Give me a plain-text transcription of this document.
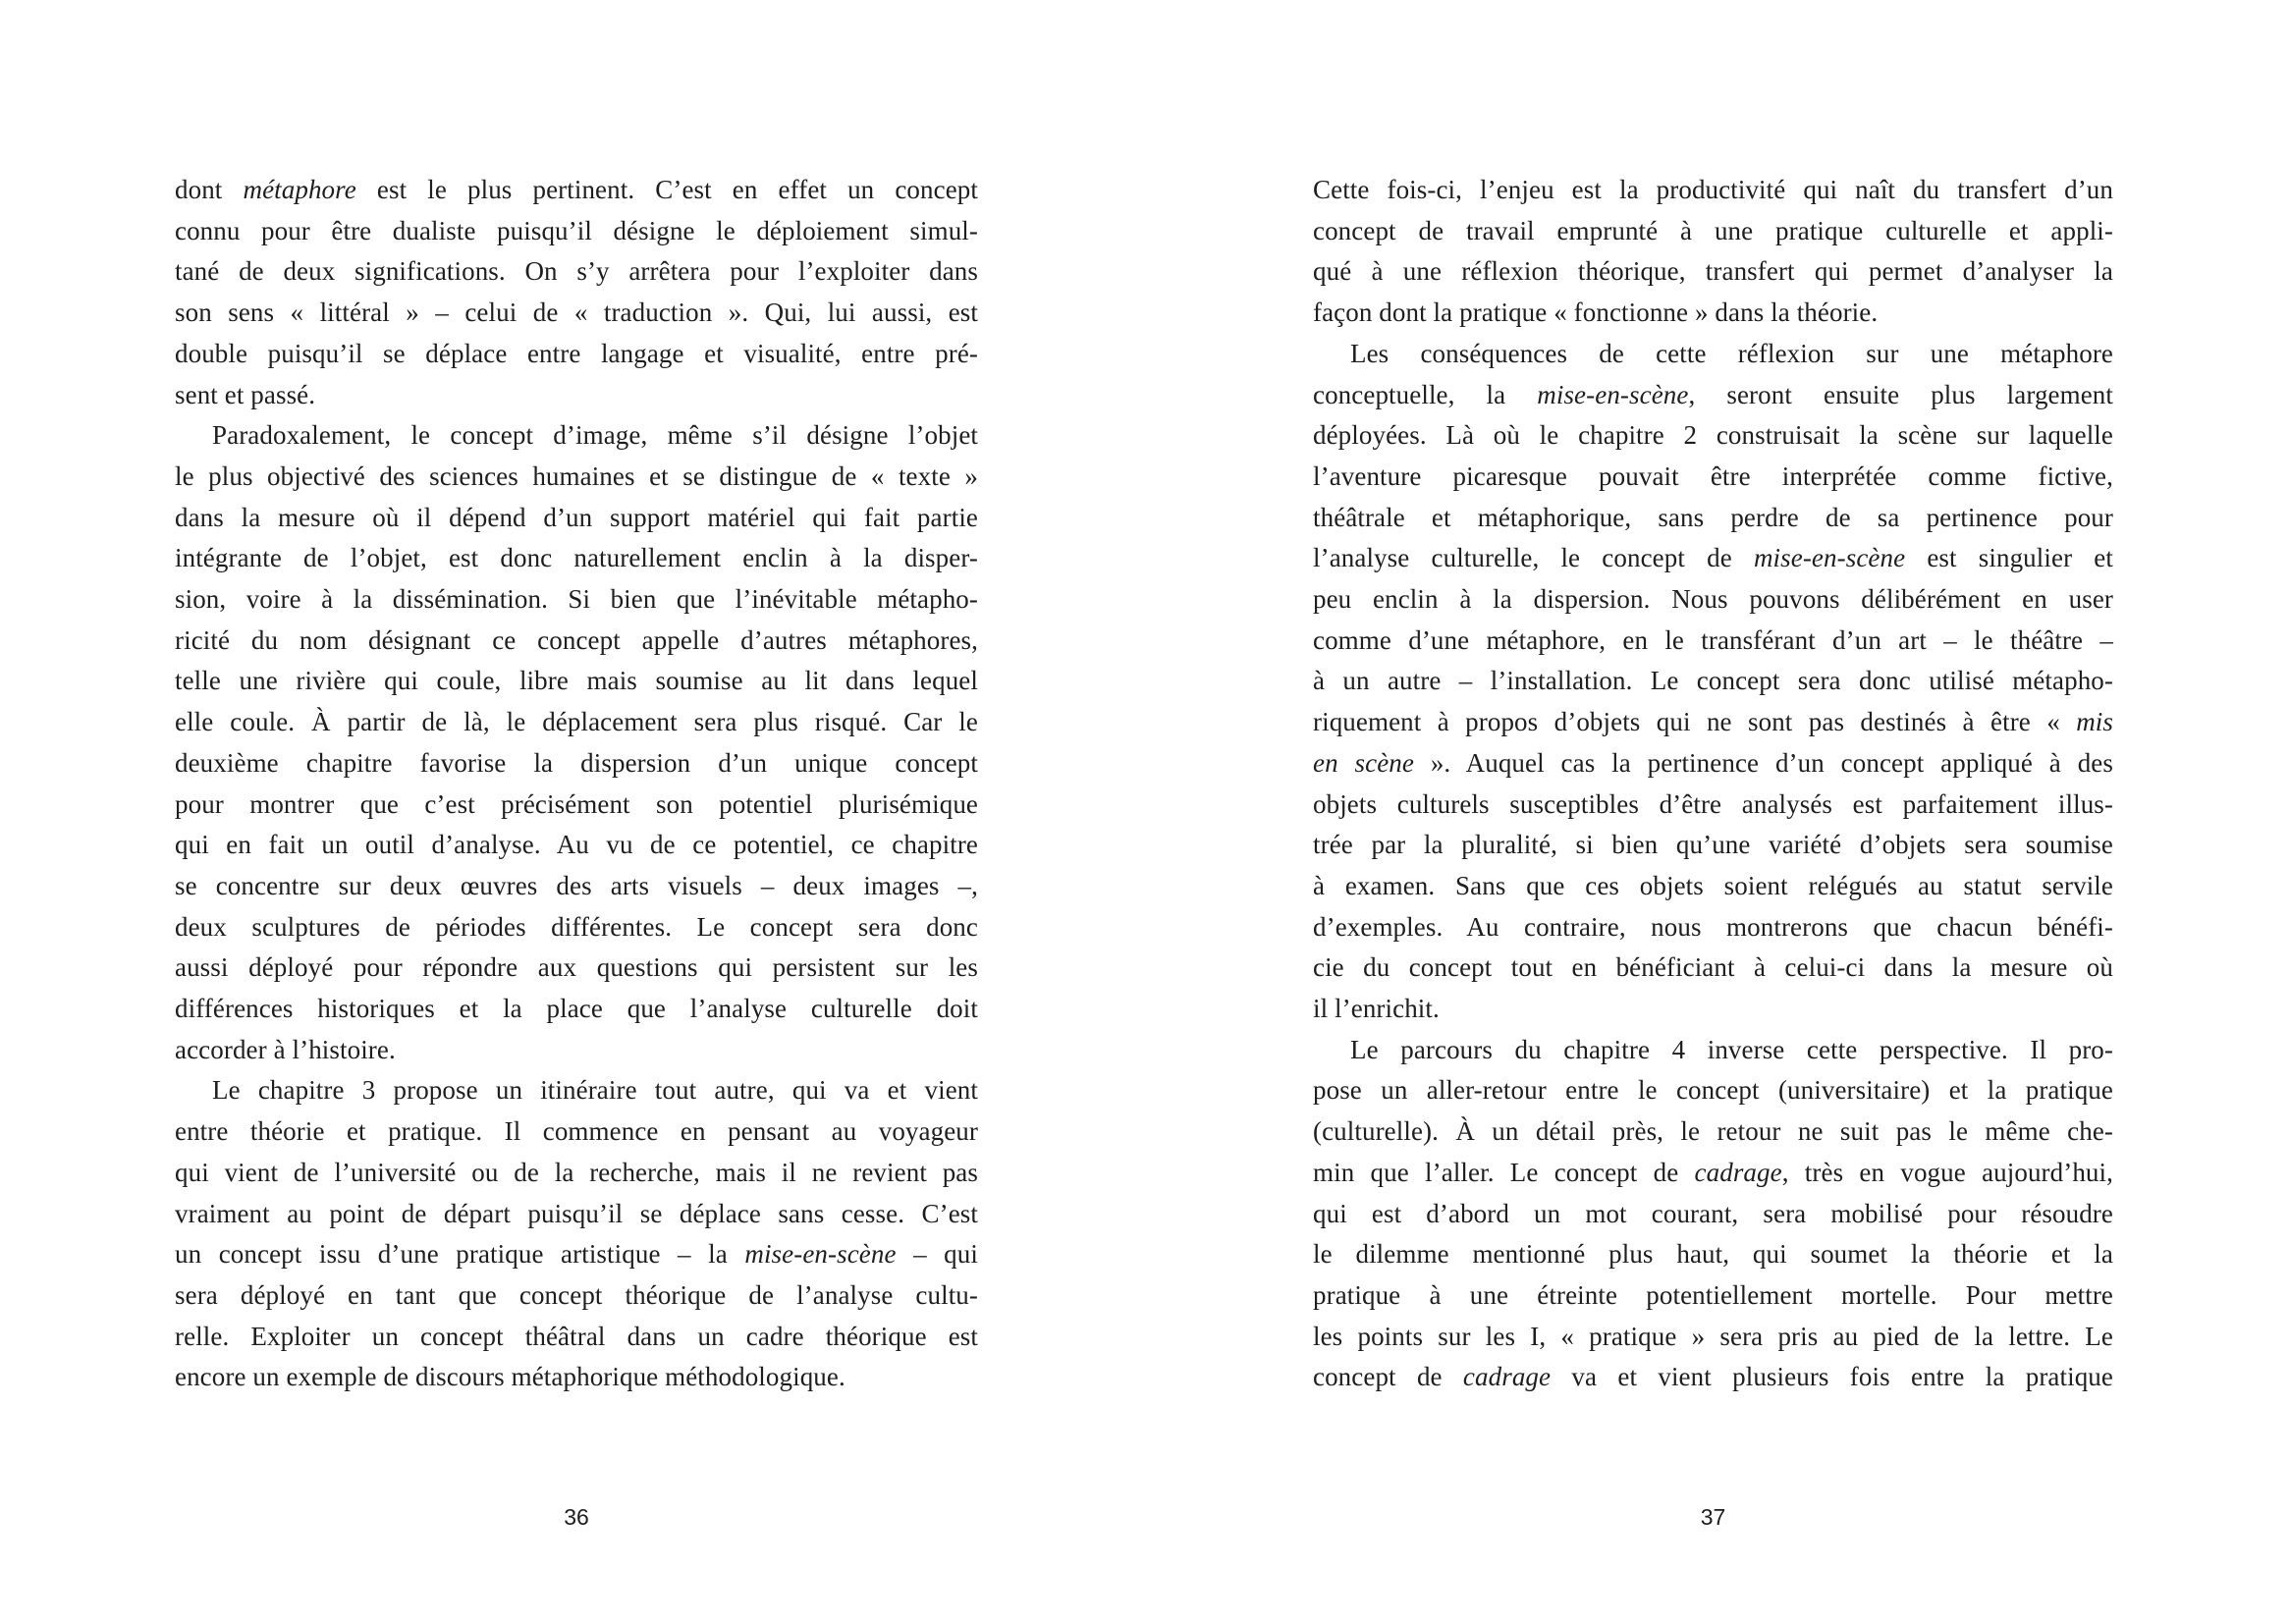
dont métaphore est le plus pertinent. C’est en effet un concept
connu pour être dualiste puisqu’il désigne le déploiement simul-
tané de deux significations. On s’y arrêtera pour l’exploiter dans
son sens « littéral » – celui de « traduction ». Qui, lui aussi, est
double puisqu’il se déplace entre langage et visualité, entre pré-
sent et passé.
Paradoxalement, le concept d’image, même s’il désigne l’objet
le plus objectivé des sciences humaines et se distingue de « texte »
dans la mesure où il dépend d’un support matériel qui fait partie
intégrante de l’objet, est donc naturellement enclin à la disper-
sion, voire à la dissémination. Si bien que l’inévitable métapho-
ricité du nom désignant ce concept appelle d’autres métaphores,
telle une rivière qui coule, libre mais soumise au lit dans lequel
elle coule. À partir de là, le déplacement sera plus risqué. Car le
deuxième chapitre favorise la dispersion d’un unique concept
pour montrer que c’est précisément son potentiel plurisémique
qui en fait un outil d’analyse. Au vu de ce potentiel, ce chapitre
se concentre sur deux œuvres des arts visuels – deux images –,
deux sculptures de périodes différentes. Le concept sera donc
aussi déployé pour répondre aux questions qui persistent sur les
différences historiques et la place que l’analyse culturelle doit
accorder à l’histoire.
Le chapitre 3 propose un itinéraire tout autre, qui va et vient
entre théorie et pratique. Il commence en pensant au voyageur
qui vient de l’université ou de la recherche, mais il ne revient pas
vraiment au point de départ puisqu’il se déplace sans cesse. C’est
un concept issu d’une pratique artistique – la mise-en-scène – qui
sera déployé en tant que concept théorique de l’analyse cultu-
relle. Exploiter un concept théâtral dans un cadre théorique est
encore un exemple de discours métaphorique méthodologique.
Cette fois-ci, l’enjeu est la productivité qui naît du transfert d’un
concept de travail emprunté à une pratique culturelle et appli-
qué à une réflexion théorique, transfert qui permet d’analyser la
façon dont la pratique « fonctionne » dans la théorie.
Les conséquences de cette réflexion sur une métaphore
conceptuelle, la mise-en-scène, seront ensuite plus largement
déployées. Là où le chapitre 2 construisait la scène sur laquelle
l’aventure picaresque pouvait être interprétée comme fictive,
théâtrale et métaphorique, sans perdre de sa pertinence pour
l’analyse culturelle, le concept de mise-en-scène est singulier et
peu enclin à la dispersion. Nous pouvons délibérément en user
comme d’une métaphore, en le transférant d’un art – le théâtre –
à un autre – l’installation. Le concept sera donc utilisé métapho-
riquement à propos d’objets qui ne sont pas destinés à être « mis
en scène ». Auquel cas la pertinence d’un concept appliqué à des
objets culturels susceptibles d’être analysés est parfaitement illus-
trée par la pluralité, si bien qu’une variété d’objets sera soumise
à examen. Sans que ces objets soient relégués au statut servile
d’exemples. Au contraire, nous montrerons que chacun bénéfi-
cie du concept tout en bénéficiant à celui-ci dans la mesure où
il l’enrichit.
Le parcours du chapitre 4 inverse cette perspective. Il pro-
pose un aller-retour entre le concept (universitaire) et la pratique
(culturelle). À un détail près, le retour ne suit pas le même che-
min que l’aller. Le concept de cadrage, très en vogue aujourd’hui,
qui est d’abord un mot courant, sera mobilisé pour résoudre
le dilemme mentionné plus haut, qui soumet la théorie et la
pratique à une étreinte potentiellement mortelle. Pour mettre
les points sur les I, « pratique » sera pris au pied de la lettre. Le
concept de cadrage va et vient plusieurs fois entre la pratique
36	37
